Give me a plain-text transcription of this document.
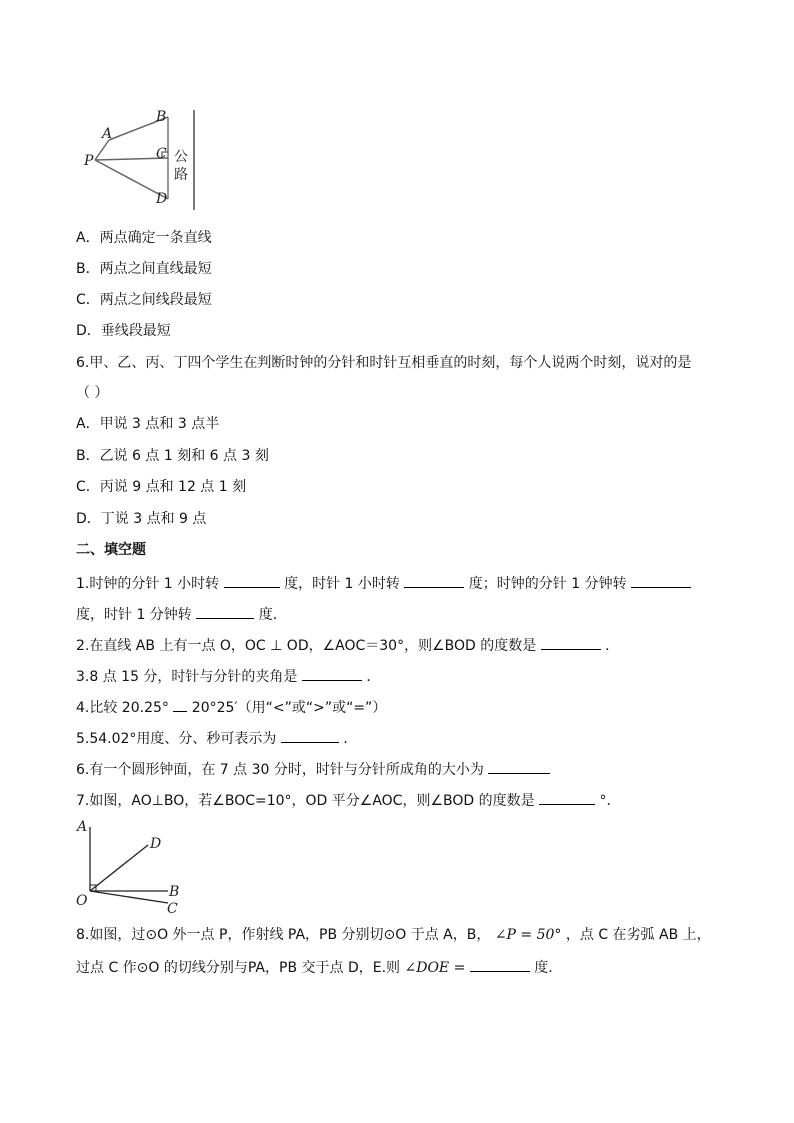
A
B
C
D
P	公
路
A．两点确定一条直线
B．两点之间直线最短
C．两点之间线段最短
D．垂线段最短
6.甲、乙、丙、丁四个学生在判断时钟的分针和时针互相垂直的时刻，每个人说两个时刻，说对的是
（ ）
A．甲说 3 点和 3 点半
B．乙说 6 点 1 刻和 6 点 3 刻
C．丙说 9 点和 12 点 1 刻
D．丁说 3 点和 9 点
二、填空题
1.时钟的分针 1 小时转	度，时针 1 小时转	度；时钟的分针 1 分钟转
度，时针 1 分钟转	度．
2.在直线 AB 上有一点 O，OC ⊥ OD，∠AOC＝30°，则∠BOD 的度数是	．
3.8 点 15 分，时针与分针的夹角是	．
4.比较 20.25° 20°25′（用“<”或“>”或“=”）
5.54.02°用度、分、秒可表示为	．
6.有一个圆形钟面，在 7 点 30 分时，时针与分针所成角的大小为
7.如图，AO⊥BO，若∠BOC=10°，OD 平分∠AOC，则∠BOD 的度数是	°．
A
D
O
B
C
8.如图，过⊙O 外一点 P，作射线 PA，PB 分别切⊙O 于点 A，B， ∠P = 50° ，点 C 在劣弧 AB 上，
过点 C 作⊙O 的切线分别与PA，PB 交于点 D，E.则 ∠DOE =	度.
